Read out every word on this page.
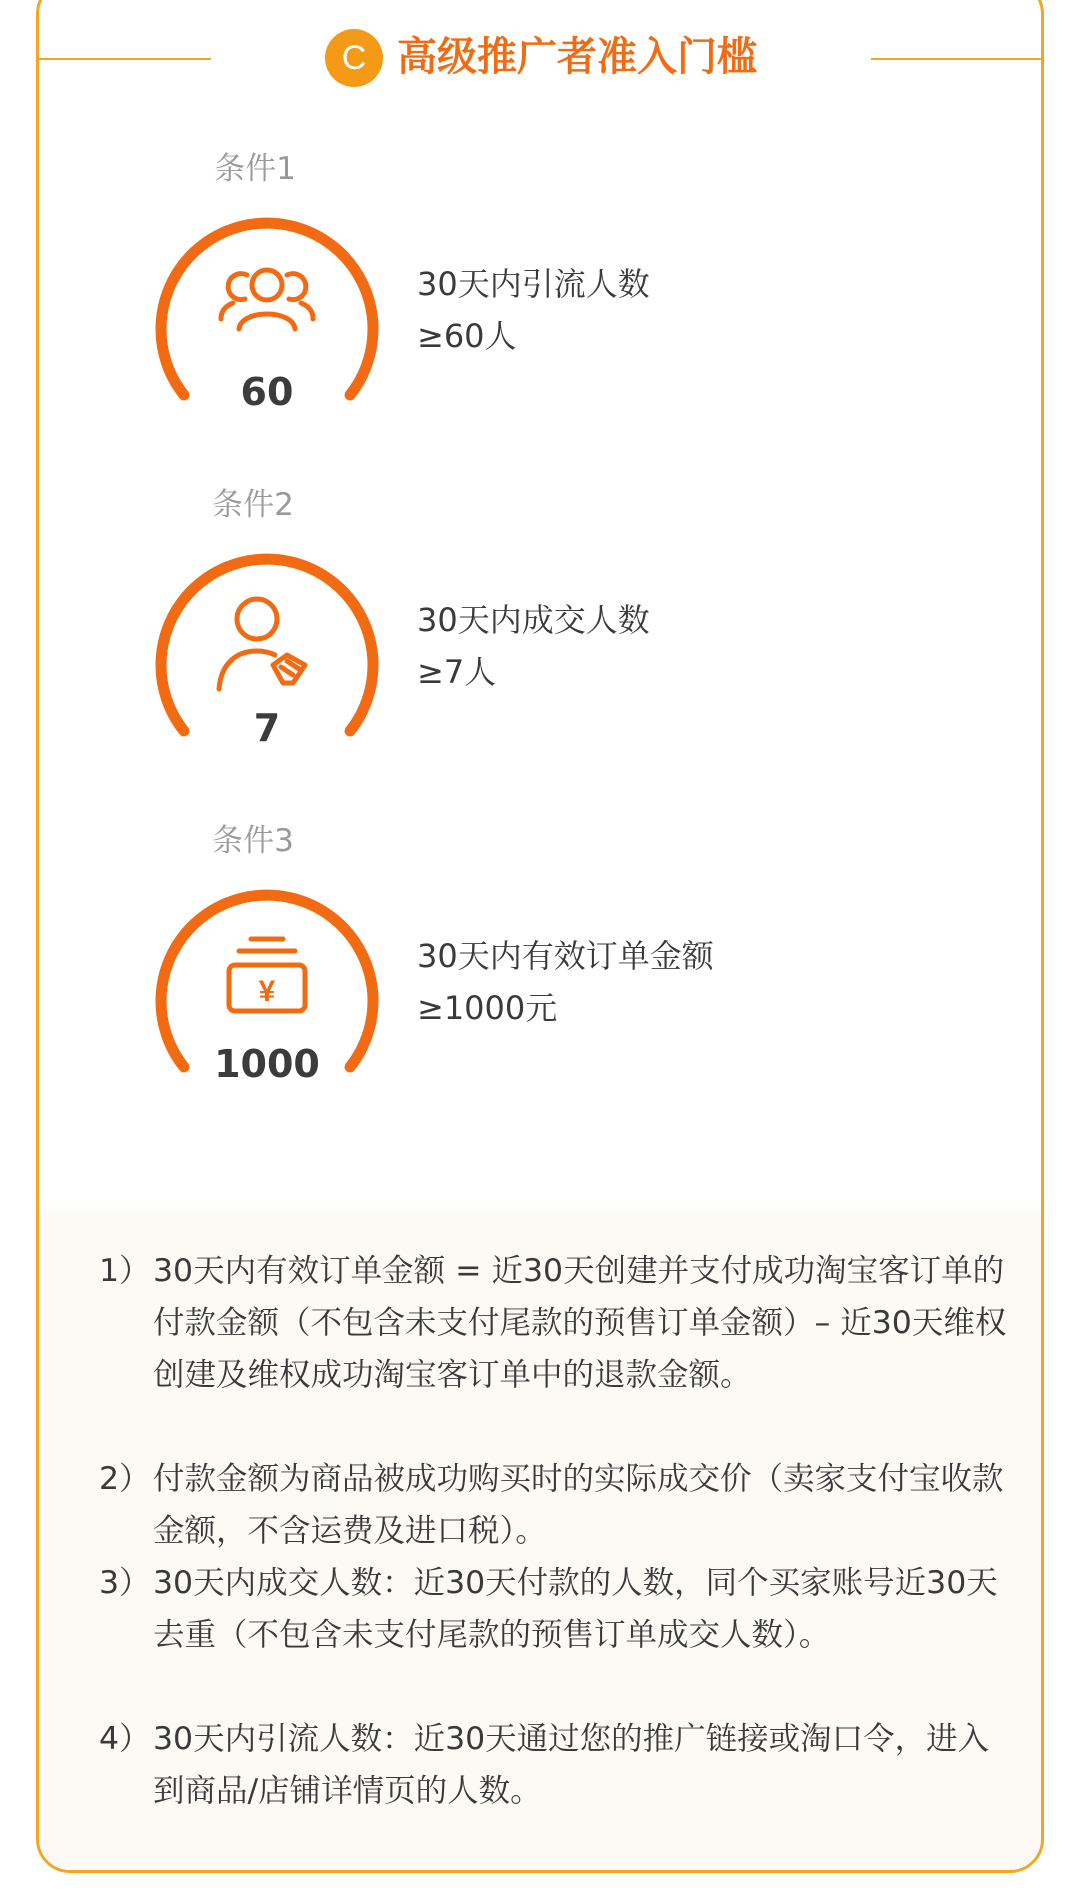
C 高级推广者准入门槛
条件1
60
30天内引流人数
≥60人
条件2
7
30天内成交人数
≥7人
条件3
¥
1000
30天内有效订单金额
≥1000元
1） 30天内有效订单金额 = 近30天创建并支付成功淘宝客订单的付款金额（不包含未支付尾款的预售订单金额）– 近30天维权创建及维权成功淘宝客订单中的退款金额。
2） 付款金额为商品被成功购买时的实际成交价（卖家支付宝收款金额，不含运费及进口税）。
3） 30天内成交人数：近30天付款的人数，同个买家账号近30天去重（不包含未支付尾款的预售订单成交人数）。
4） 30天内引流人数：近30天通过您的推广链接或淘口令，进入到商品/店铺详情页的人数。
